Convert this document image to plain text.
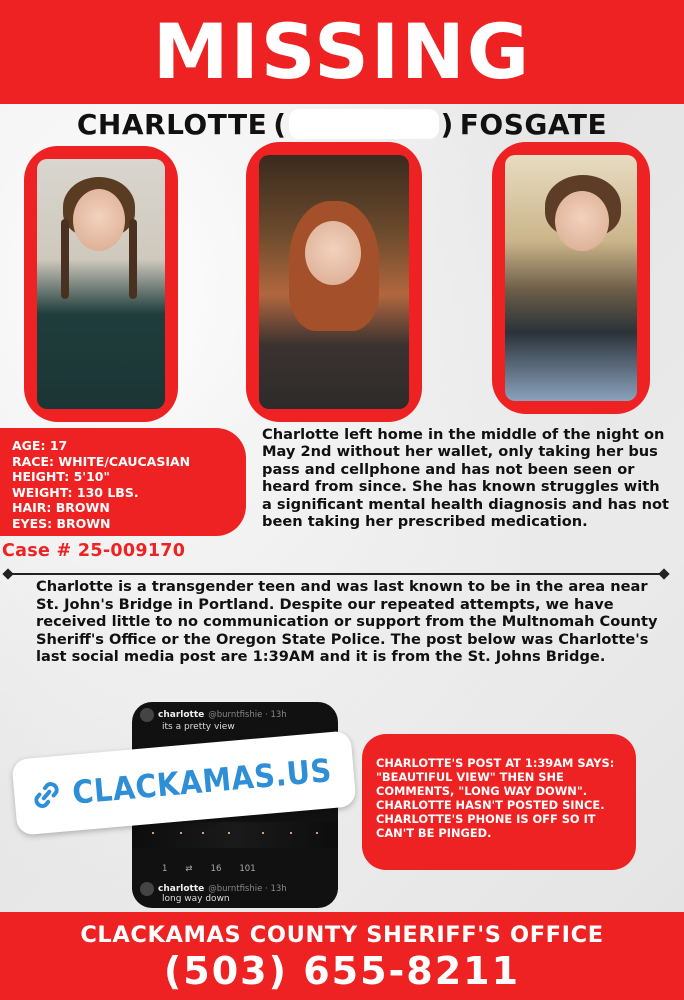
MISSING
CHARLOTTE (	) FOSGATE
AGE: 17
RACE: WHITE/CAUCASIAN
HEIGHT: 5'10"
WEIGHT: 130 LBS.
HAIR: BROWN
EYES: BROWN
Case # 25-009170
Charlotte left home in the middle of the night on May 2nd without her wallet, only taking her bus pass and cellphone and has not been seen or heard from since. She has known struggles with a significant mental health diagnosis and has not been taking her prescribed medication.
Charlotte is a transgender teen and was last known to be in the area near St. John's Bridge in Portland. Despite our repeated attempts, we have received little to no communication or support from the Multnomah County Sheriff's Office or the Oregon State Police. The post below was Charlotte's last social media post are 1:39AM and it is from the St. Johns Bridge.
charlotte @burntfishie · 13h
its a pretty view
1 ⇄ 16 101
charlotte @burntfishie · 13h
long way down
CLACKAMAS.US	CHARLOTTE'S POST AT 1:39AM SAYS: "BEAUTIFUL VIEW" THEN SHE COMMENTS, "LONG WAY DOWN". CHARLOTTE HASN'T POSTED SINCE. CHARLOTTE'S PHONE IS OFF SO IT CAN'T BE PINGED.
CLACKAMAS COUNTY SHERIFF'S OFFICE
(503) 655-8211
